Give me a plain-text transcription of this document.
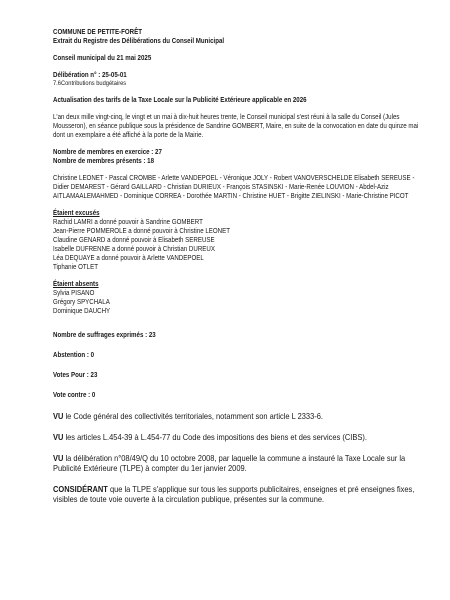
COMMUNE DE PETITE-FORÊT

Extrait du Registre des Délibérations du Conseil Municipal

Conseil municipal du 21 mai 2025

Délibération n° : 25-05-01

7.6Contributions budgétaires

Actualisation des tarifs de la Taxe Locale sur la Publicité Extérieure applicable en 2026

L'an deux mille vingt-cinq, le vingt et un mai à dix-huit heures trente, le Conseil municipal s'est réuni à la salle du Conseil (Jules Mousseron), en séance publique sous la présidence de Sandrine GOMBERT, Maire, en suite de la convocation en date du quinze mai dont un exemplaire a été affiché à la porte de la Mairie.

Nombre de membres en exercice : 27

Nombre de membres présents : 18

Christine LEONET - Pascal CROMBE - Arlette VANDEPOEL - Véronique JOLY - Robert VANOVERSCHELDE Elisabeth SEREUSE - Didier DEMAREST - Gérard GAILLARD - Christian DURIEUX - François STASINSKI - Marie-Renée LOUVION - Abdel-Aziz AITLAMAALEMAHMED - Dominique CORREA - Dorothée MARTIN - Christine HUET - Brigitte ZIELINSKI - Marie-Christine PICOT

Étaient excusés

Rachid LAMRI a donné pouvoir à Sandrine GOMBERT

Jean-Pierre POMMEROLE a donné pouvoir à Christine LEONET

Claudine GENARD a donné pouvoir à Elisabeth SEREUSE

Isabelle DUFRENNE a donné pouvoir à Christian DUREUX

Léa DEQUAYE a donné pouvoir à Arlette VANDEPOEL

Tiphanie OTLET

Étaient absents

Sylvia PISANO

Grégory SPYCHALA

Dominique DAUCHY

Nombre de suffrages exprimés : 23

Abstention : 0

Votes Pour : 23

Vote contre : 0

VU le Code général des collectivités territoriales, notamment son article L 2333-6.

VU les articles L.454-39 à L.454-77 du Code des impositions des biens et des services (CIBS).

VU la délibération n°08/49/Q du 10 octobre 2008, par laquelle la commune a instauré la Taxe Locale sur la Publicité Extérieure (TLPE) à compter du 1er janvier 2009.

CONSIDÉRANT que la TLPE s'applique sur tous les supports publicitaires, enseignes et pré enseignes fixes, visibles de toute voie ouverte à la circulation publique, présentes sur la commune.
